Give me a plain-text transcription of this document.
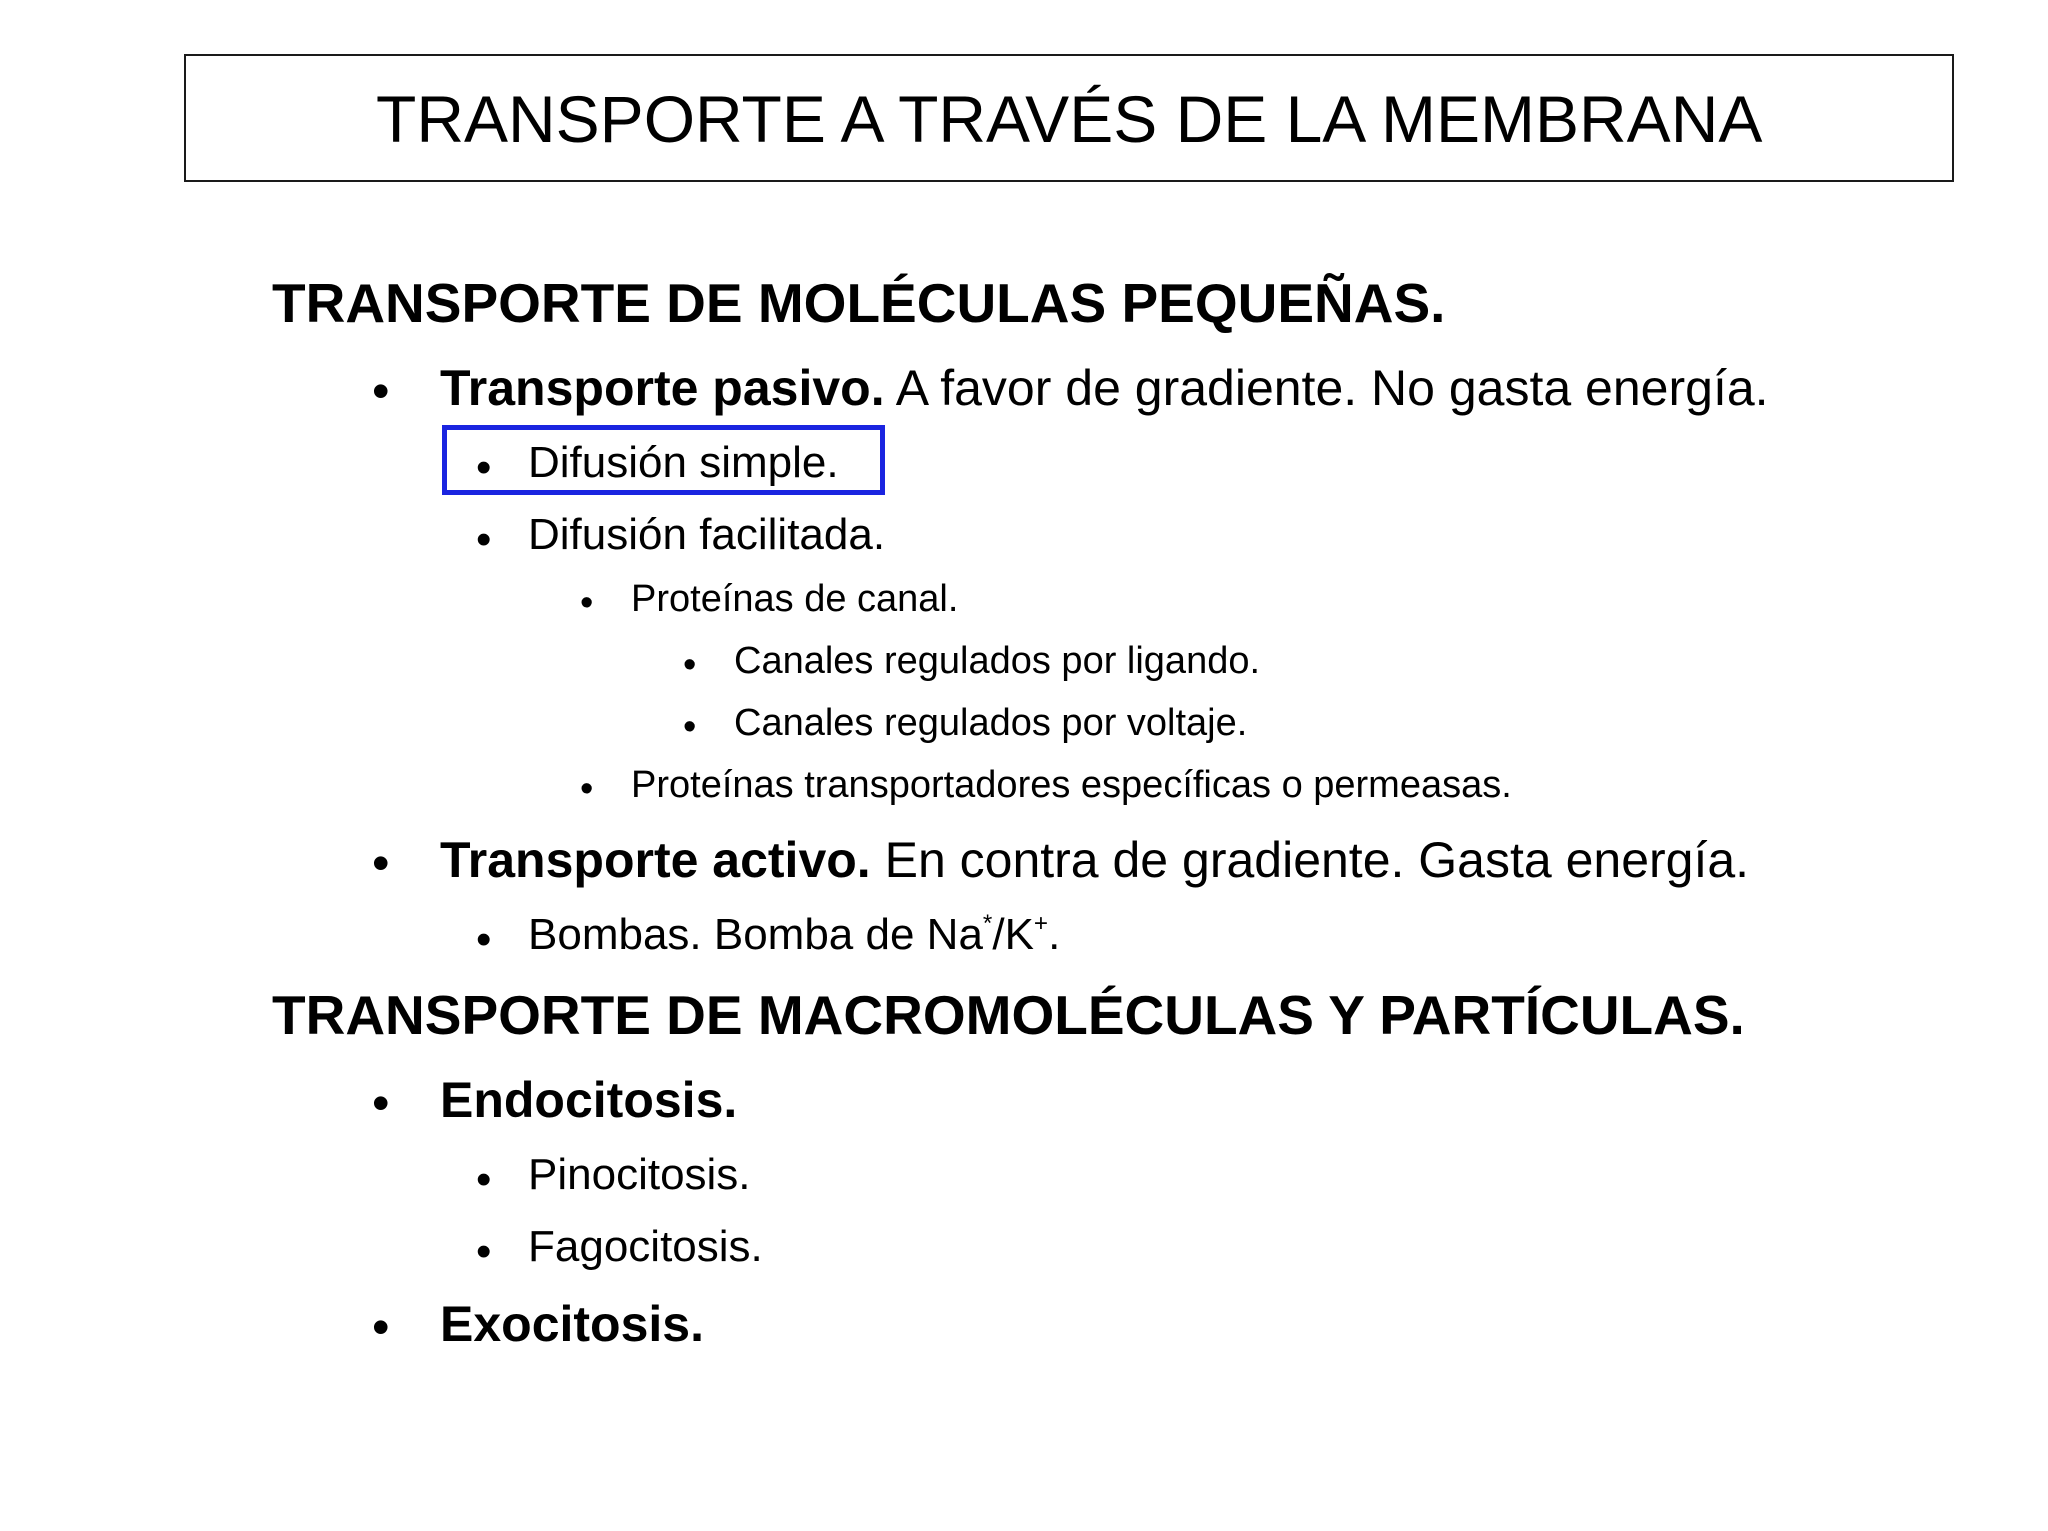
TRANSPORTE A TRAVÉS DE LA MEMBRANA
TRANSPORTE DE MOLÉCULAS PEQUEÑAS.
• Transporte pasivo. A favor de gradiente. No gasta energía.
• Difusión simple.
• Difusión facilitada.
• Proteínas de canal.
• Canales regulados por ligando.
• Canales regulados por voltaje.
• Proteínas transportadores específicas o permeasas.
• Transporte activo. En contra de gradiente. Gasta energía.
• Bombas. Bomba de Na*/K+.
TRANSPORTE DE MACROMOLÉCULAS Y PARTÍCULAS.
• Endocitosis.
• Pinocitosis.
• Fagocitosis.
• Exocitosis.
